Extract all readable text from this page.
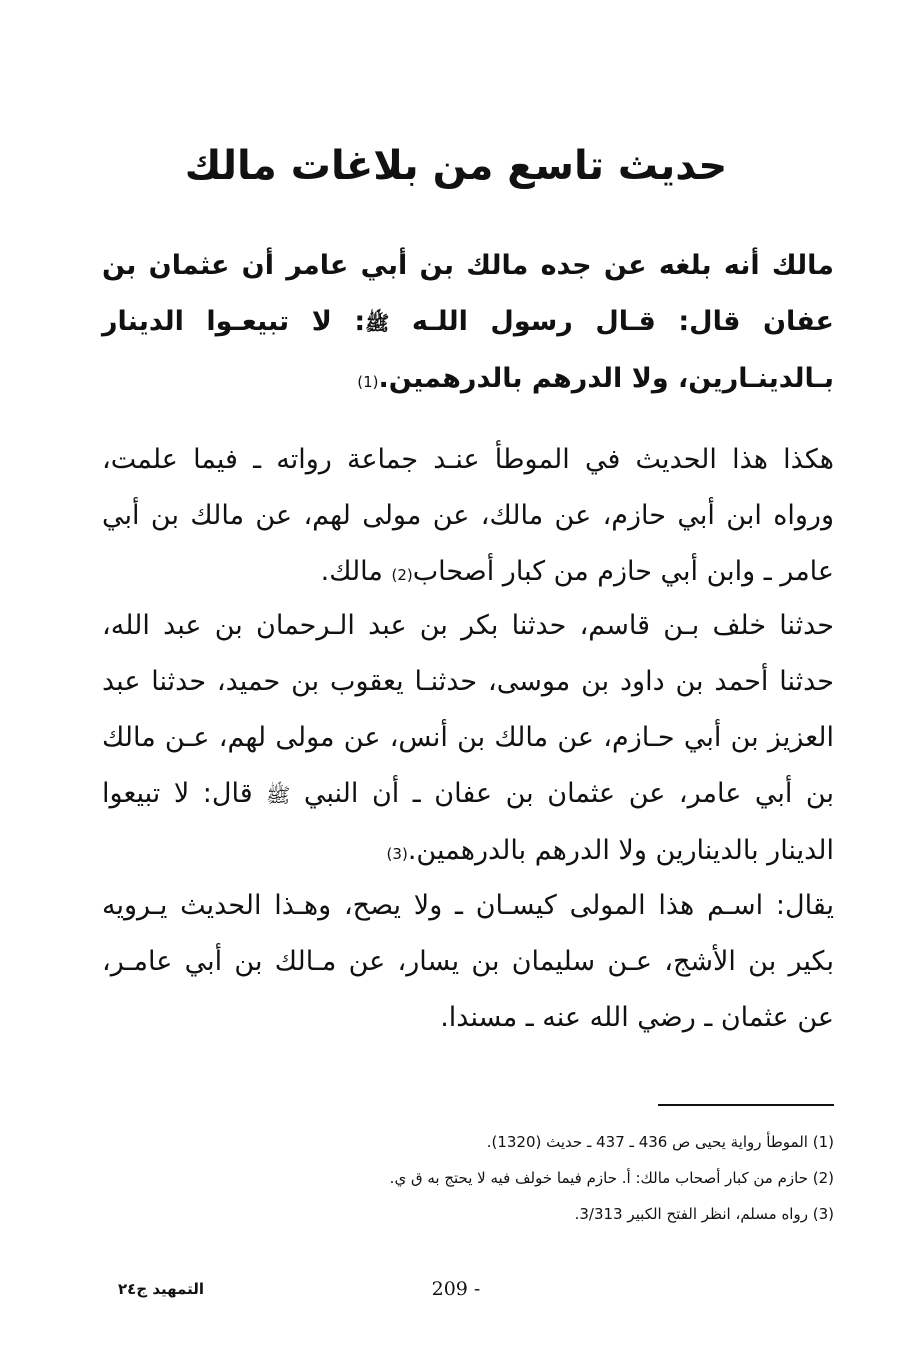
حديث تاسع من بلاغات مالك

مالك أنه بلغه عن جده مالك بن أبي عامر أن عثمان بن عفان قال: قـال رسول اللـه ﷺ: لا تبيعـوا الدينار بـالدينـارين، ولا الدرهم بالدرهمين.(1)

هكذا هذا الحديث في الموطأ عنـد جماعة رواته ـ فيما علمت، ورواه ابن أبي حازم، عن مالك، عن مولى لهم، عن مالك بن أبي عامر ـ وابن أبي حازم من كبار أصحاب(2) مالك.

حدثنا خلف بـن قاسم، حدثنا بكر بن عبد الـرحمان بن عبد الله، حدثنا أحمد بن داود بن موسى، حدثنـا يعقوب بن حميد، حدثنا عبد العزيز بن أبي حـازم، عن مالك بن أنس، عن مولى لهم، عـن مالك بن أبي عامر، عن عثمان بن عفان ـ أن النبي ﷺ قال: لا تبيعوا الدينار بالدينارين ولا الدرهم بالدرهمين.(3)

يقال: اسـم هذا المولى كيسـان ـ ولا يصح، وهـذا الحديث يـرويه بكير بن الأشج، عـن سليمان بن يسار، عن مـالك بن أبي عامـر، عن عثمان ـ رضي الله عنه ـ مسندا.

(1) الموطأ رواية يحيى ص 436 ـ 437 ـ حديث (1320).
(2) حازم من كبار أصحاب مالك: أ. حازم فيما خولف فيه لا يحتج به ق ي.
(3) رواه مسلم، انظر الفتح الكبير 3/313.
209 -
التمهيد ج٢٤
